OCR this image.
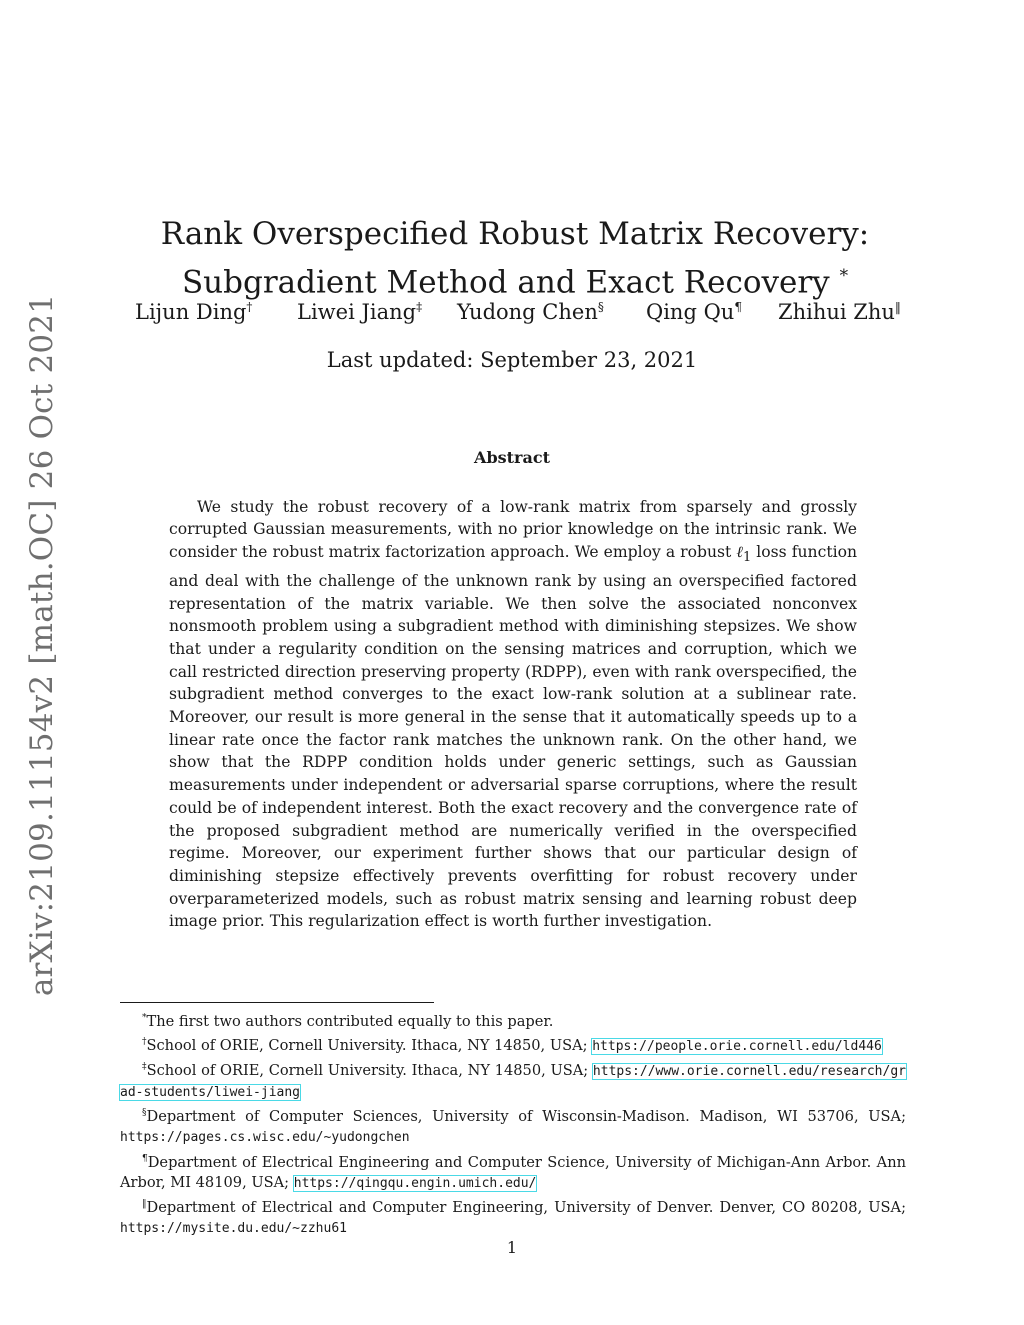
arXiv:2109.11154v2 [math.OC] 26 Oct 2021
Rank Overspecified Robust Matrix Recovery:
Subgradient Method and Exact Recovery *
Lijun Ding† Liwei Jiang‡ Yudong Chen§ Qing Qu¶ Zhihui Zhu‖
Last updated: September 23, 2021
Abstract

We study the robust recovery of a low-rank matrix from sparsely and grossly corrupted Gaussian measurements, with no prior knowledge on the intrinsic rank. We consider the robust matrix factorization approach. We employ a robust ℓ$_1$ loss function and deal with the challenge of the unknown rank by using an overspecified factored representation of the matrix variable. We then solve the associated nonconvex nonsmooth problem using a subgradient method with diminishing stepsizes. We show that under a regularity condition on the sensing matrices and corruption, which we call restricted direction preserving property (RDPP), even with rank overspecified, the subgradient method converges to the exact low-rank solution at a sublinear rate. Moreover, our result is more general in the sense that it automatically speeds up to a linear rate once the factor rank matches the unknown rank. On the other hand, we show that the RDPP condition holds under generic settings, such as Gaussian measurements under independent or adversarial sparse corruptions, where the result could be of independent interest. Both the exact recovery and the convergence rate of the proposed subgradient method are numerically verified in the overspecified regime. Moreover, our experiment further shows that our particular design of diminishing stepsize effectively prevents overfitting for robust recovery under overparameterized models, such as robust matrix sensing and learning robust deep image prior. This regularization effect is worth further investigation.

*The first two authors contributed equally to this paper.

†School of ORIE, Cornell University. Ithaca, NY 14850, USA; https://people.orie.cornell.edu/ld446

‡School of ORIE, Cornell University. Ithaca, NY 14850, USA; https://www.orie.cornell.edu/research/grad-students/liwei-jiang

§Department of Computer Sciences, University of Wisconsin-Madison. Madison, WI 53706, USA; https://pages.cs.wisc.edu/~yudongchen

¶Department of Electrical Engineering and Computer Science, University of Michigan-Ann Arbor. Ann Arbor, MI 48109, USA; https://qingqu.engin.umich.edu/

‖Department of Electrical and Computer Engineering, University of Denver. Denver, CO 80208, USA; https://mysite.du.edu/~zzhu61

1
